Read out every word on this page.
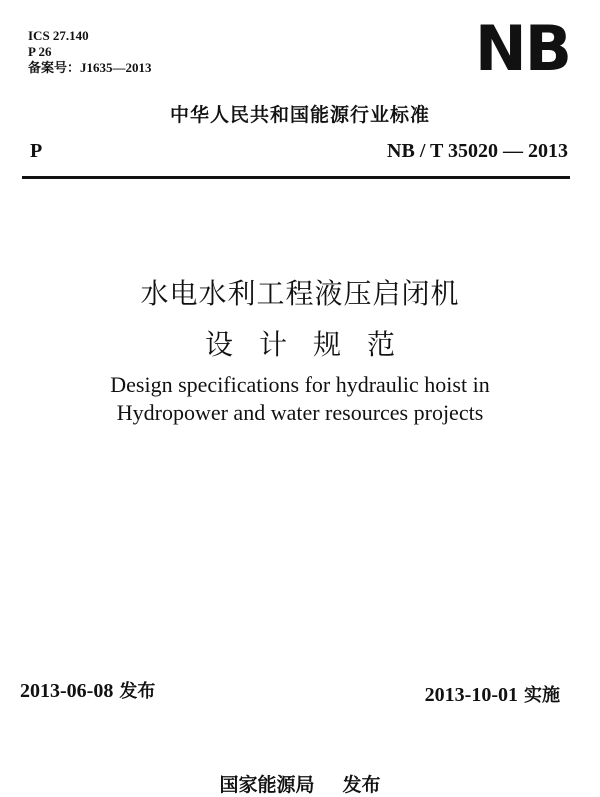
ICS 27.140
P 26
备案号：J1635—2013	NB
中华人民共和国能源行业标准
P	NB / T 35020 — 2013
水电水利工程液压启闭机
设计规范
Design specifications for hydraulic hoist in
Hydropower and water resources projects
2013-06-08 发布	2013-10-01 实施
国家能源局 发布
